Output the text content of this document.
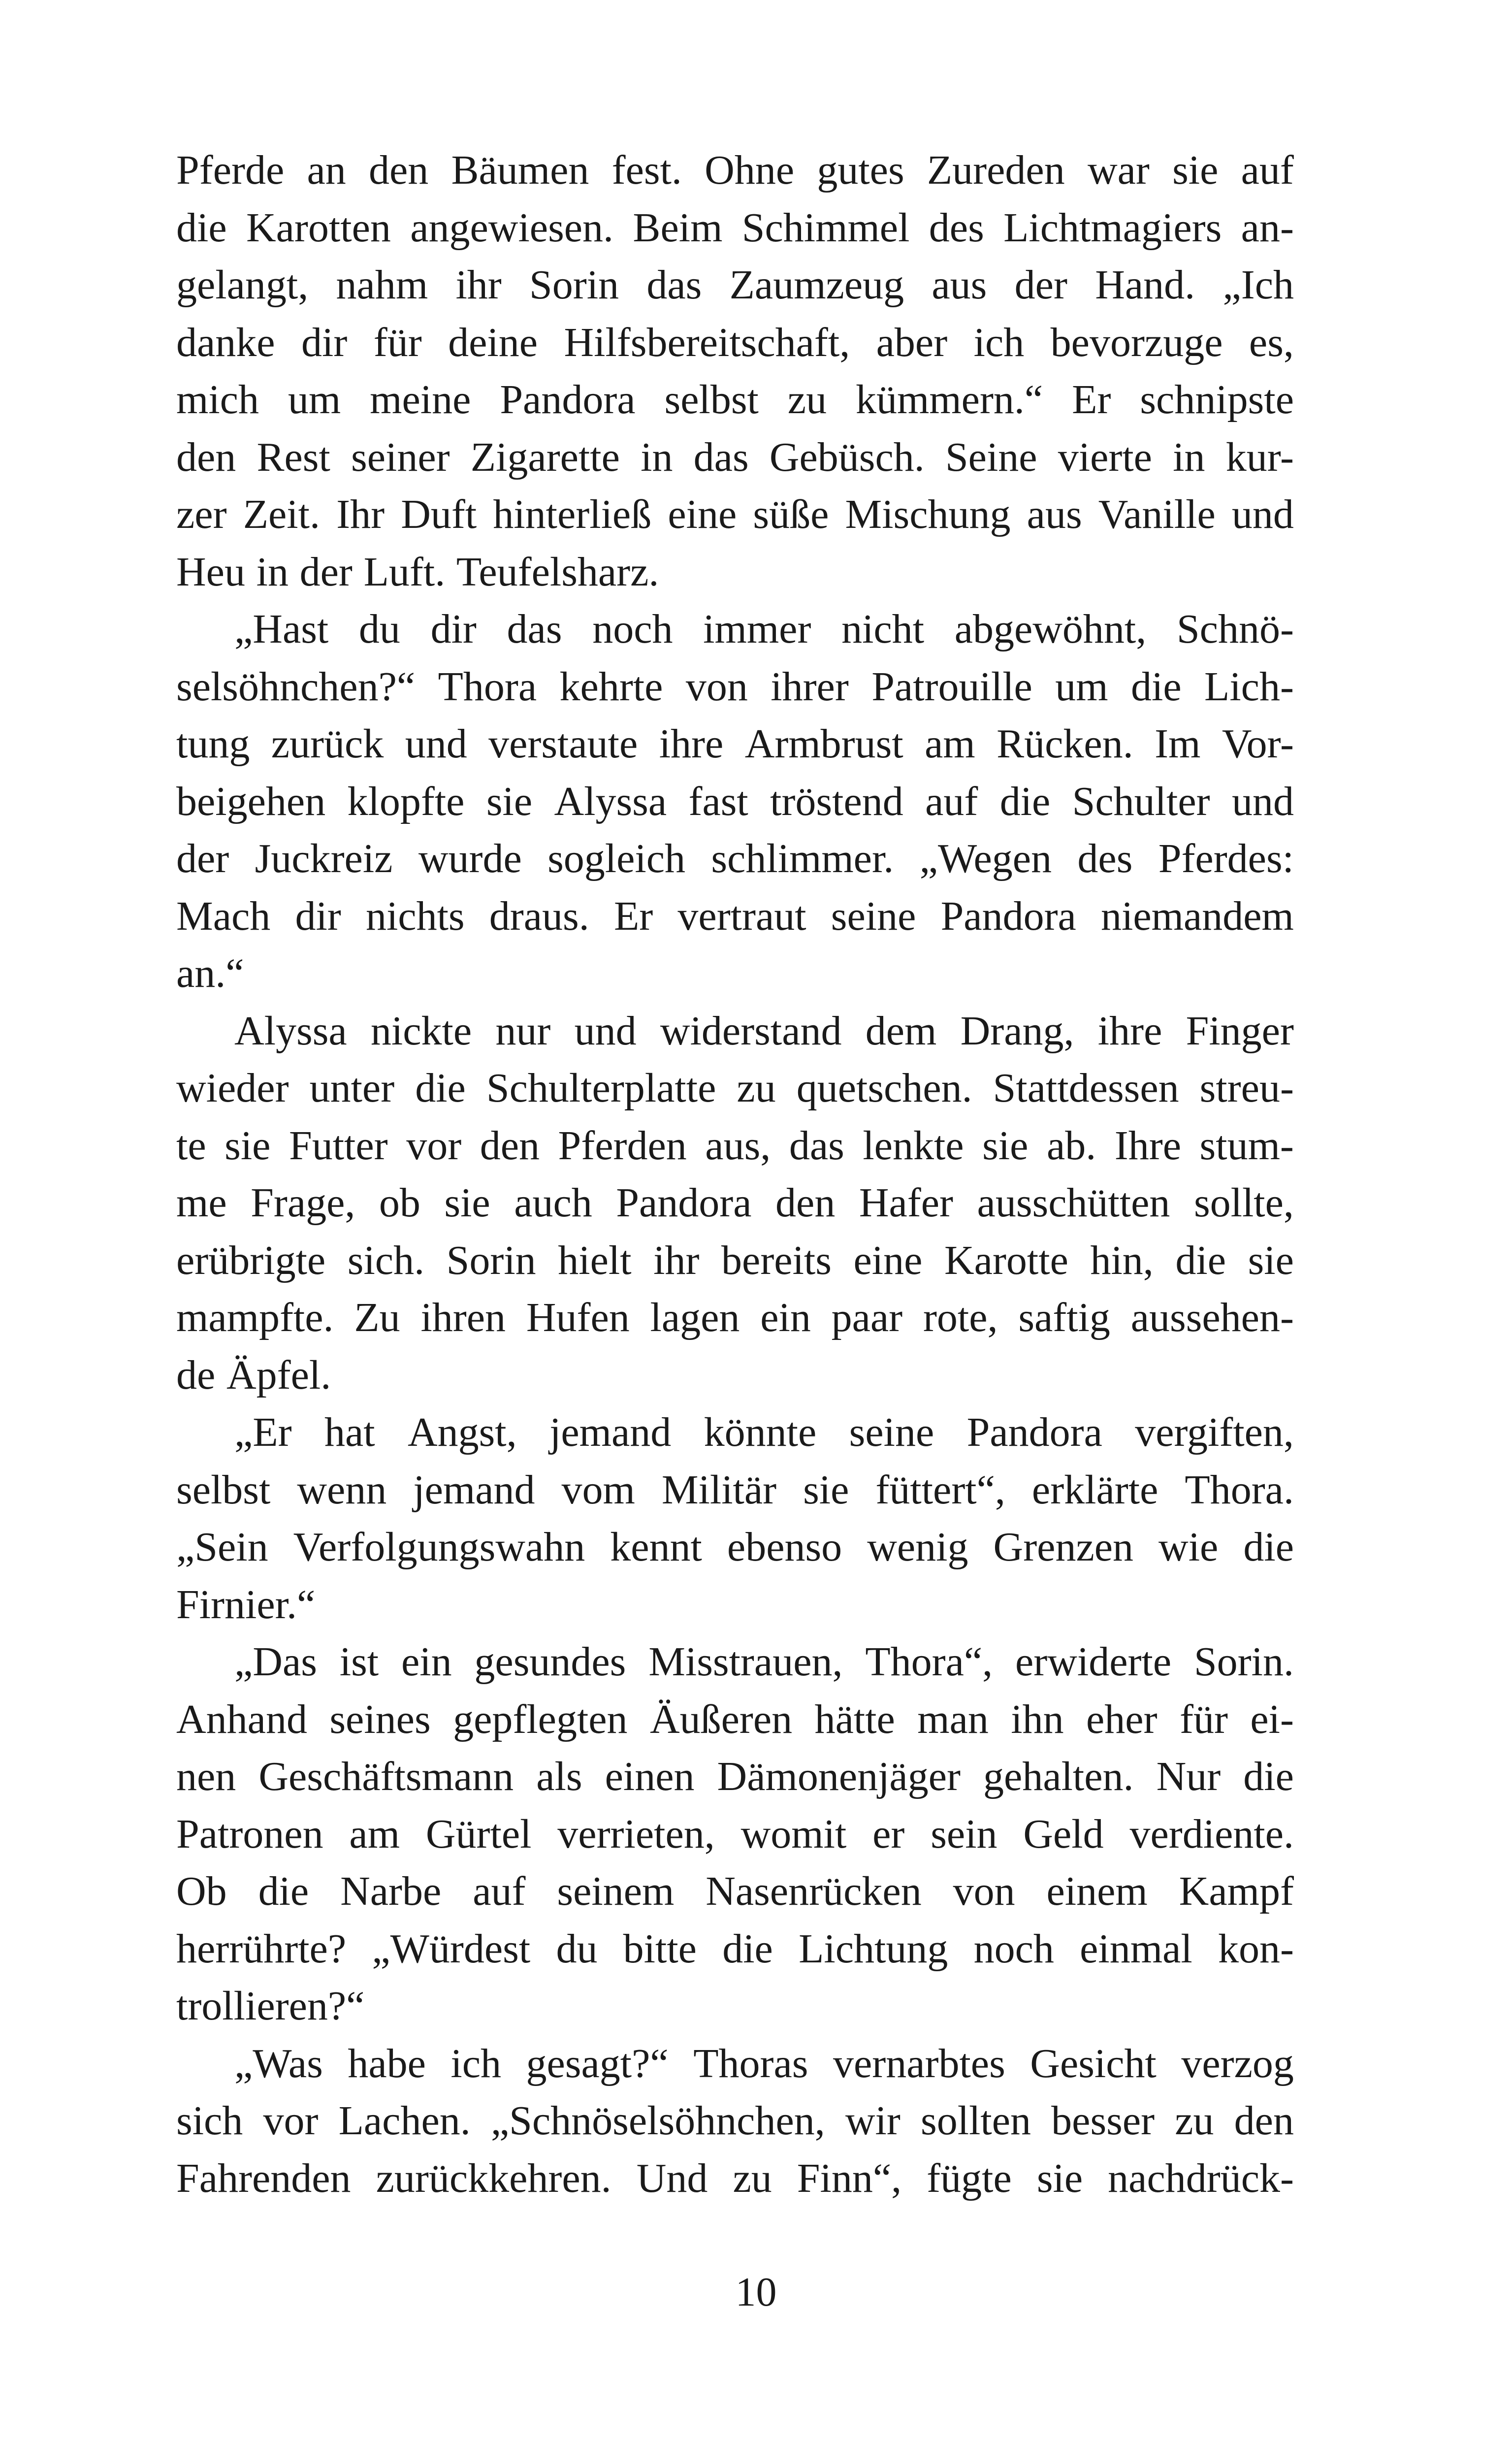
Pferde an den Bäumen fest. Ohne gutes Zureden war sie auf
die Karotten angewiesen. Beim Schimmel des Lichtmagiers an-
gelangt, nahm ihr Sorin das Zaumzeug aus der Hand. „Ich
danke dir für deine Hilfsbereitschaft, aber ich bevorzuge es,
mich um meine Pandora selbst zu kümmern.“ Er schnipste
den Rest seiner Zigarette in das Gebüsch. Seine vierte in kur-
zer Zeit. Ihr Duft hinterließ eine süße Mischung aus Vanille und
Heu in der Luft. Teufelsharz.
„Hast du dir das noch immer nicht abgewöhnt, Schnö-
selsöhnchen?“ Thora kehrte von ihrer Patrouille um die Lich-
tung zurück und verstaute ihre Armbrust am Rücken. Im Vor-
beigehen klopfte sie Alyssa fast tröstend auf die Schulter und
der Juckreiz wurde sogleich schlimmer. „Wegen des Pferdes:
Mach dir nichts draus. Er vertraut seine Pandora niemandem
an.“
Alyssa nickte nur und widerstand dem Drang, ihre Finger
wieder unter die Schulterplatte zu quetschen. Stattdessen streu-
te sie Futter vor den Pferden aus, das lenkte sie ab. Ihre stum-
me Frage, ob sie auch Pandora den Hafer ausschütten sollte,
erübrigte sich. Sorin hielt ihr bereits eine Karotte hin, die sie
mampfte. Zu ihren Hufen lagen ein paar rote, saftig aussehen-
de Äpfel.
„Er hat Angst, jemand könnte seine Pandora vergiften,
selbst wenn jemand vom Militär sie füttert“, erklärte Thora.
„Sein Verfolgungswahn kennt ebenso wenig Grenzen wie die
Firnier.“
„Das ist ein gesundes Misstrauen, Thora“, erwiderte Sorin.
Anhand seines gepflegten Äußeren hätte man ihn eher für ei-
nen Geschäftsmann als einen Dämonenjäger gehalten. Nur die
Patronen am Gürtel verrieten, womit er sein Geld verdiente.
Ob die Narbe auf seinem Nasenrücken von einem Kampf
herrührte? „Würdest du bitte die Lichtung noch einmal kon-
trollieren?“
„Was habe ich gesagt?“ Thoras vernarbtes Gesicht verzog
sich vor Lachen. „Schnöselsöhnchen, wir sollten besser zu den
Fahrenden zurückkehren. Und zu Finn“, fügte sie nachdrück-
10
